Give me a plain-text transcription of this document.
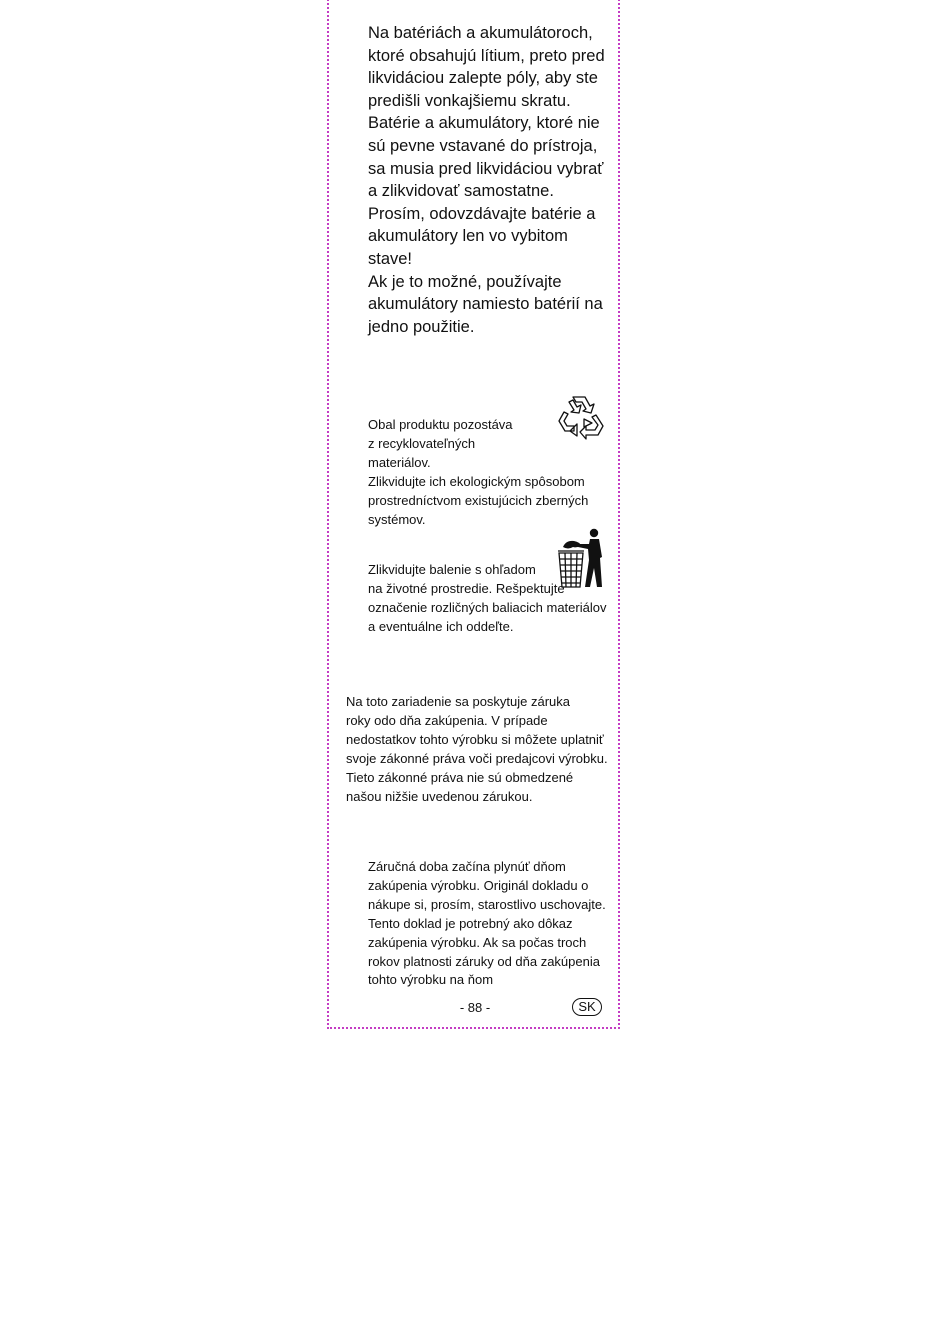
Na batériách a akumulátoroch, ktoré obsahujú lítium, preto pred likvidáciou zalepte póly, aby ste predišli vonkajšiemu skratu.

Batérie a akumulátory, ktoré nie sú pevne vstavané do prístroja, sa musia pred likvidáciou vybrať a zlikvidovať samostatne.

Prosím, odovzdávajte batérie a akumulátory len vo vybitom stave!

Ak je to možné, používajte akumulátory namiesto batérií na jedno použitie.

Obal produktu pozostáva

z recyklovateľných

materiálov.

Zlikvidujte ich ekologickým spôsobom prostredníctvom existujúcich zberných systémov.

Zlikvidujte balenie s ohľadom

na životné prostredie. Rešpektujte označenie rozličných baliacich materiálov a eventuálne ich oddeľte.

Na toto zariadenie sa poskytuje záruka    roky odo dňa zakúpenia. V prípade nedostatkov tohto výrobku si môžete uplatniť svoje zákonné práva voči predajcovi výrobku. Tieto zákonné práva nie sú obmedzené našou nižšie uvedenou zárukou.

Záručná doba začína plynúť dňom zakúpenia výrobku. Originál dokladu o nákupe si, prosím, starostlivo uschovajte. Tento doklad je potrebný ako dôkaz zakúpenia výrobku. Ak sa počas troch rokov platnosti záruky od dňa zakúpenia tohto výrobku na ňom

- 88 -	SK
